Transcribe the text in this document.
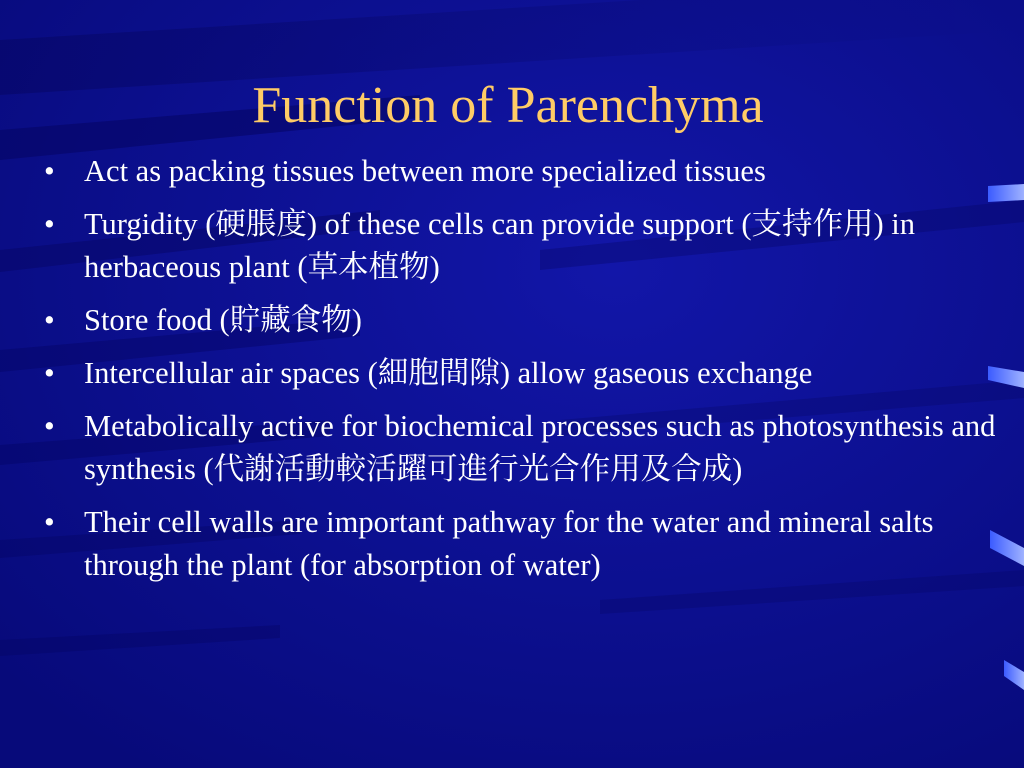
Function of Parenchyma
• Act as packing tissues between more specialized tissues
• Turgidity (硬脹度) of these cells can provide support (支持作用) in herbaceous plant (草本植物)
• Store food (貯藏食物)
• Intercellular air spaces (細胞間隙) allow gaseous exchange
• Metabolically active for biochemical processes such as photosynthesis and synthesis (代謝活動較活躍可進行光合作用及合成)
• Their cell walls are important pathway for the water and mineral salts through the plant (for absorption of water)
